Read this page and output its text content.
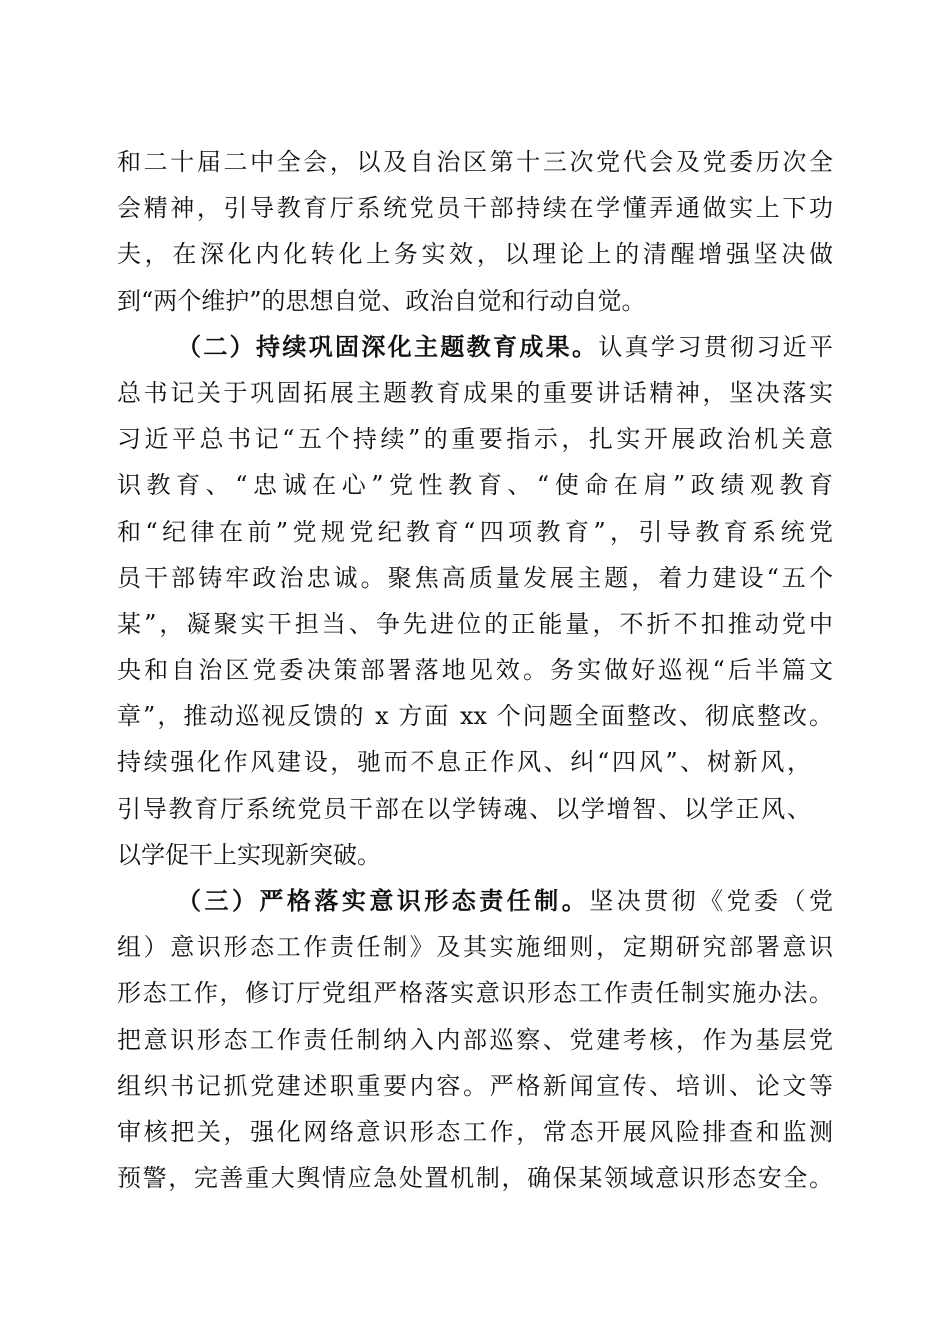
和二十届二中全会，以及自治区第十三次党代会及党委历次全

会精神，引导教育厅系统党员干部持续在学懂弄通做实上下功

夫，在深化内化转化上务实效，以理论上的清醒增强坚决做

到“两个维护”的思想自觉、政治自觉和行动自觉。

（二）持续巩固深化主题教育成果。认真学习贯彻习近平

总书记关于巩固拓展主题教育成果的重要讲话精神，坚决落实

习近平总书记“五个持续”的重要指示，扎实开展政治机关意

识教育、“忠诚在心”党性教育、“使命在肩”政绩观教育

和“纪律在前”党规党纪教育“四项教育”，引导教育系统党

员干部铸牢政治忠诚。聚焦高质量发展主题，着力建设“五个

某”，凝聚实干担当、争先进位的正能量，不折不扣推动党中

央和自治区党委决策部署落地见效。务实做好巡视“后半篇文

章”，推动巡视反馈的 x 方面 xx 个问题全面整改、彻底整改。

持续强化作风建设，驰而不息正作风、纠“四风”、树新风，

引导教育厅系统党员干部在以学铸魂、以学增智、以学正风、

以学促干上实现新突破。

（三）严格落实意识形态责任制。坚决贯彻《党委（党

组）意识形态工作责任制》及其实施细则，定期研究部署意识

形态工作，修订厅党组严格落实意识形态工作责任制实施办法。

把意识形态工作责任制纳入内部巡察、党建考核，作为基层党

组织书记抓党建述职重要内容。严格新闻宣传、培训、论文等

审核把关，强化网络意识形态工作，常态开展风险排查和监测

预警，完善重大舆情应急处置机制，确保某领域意识形态安全。
